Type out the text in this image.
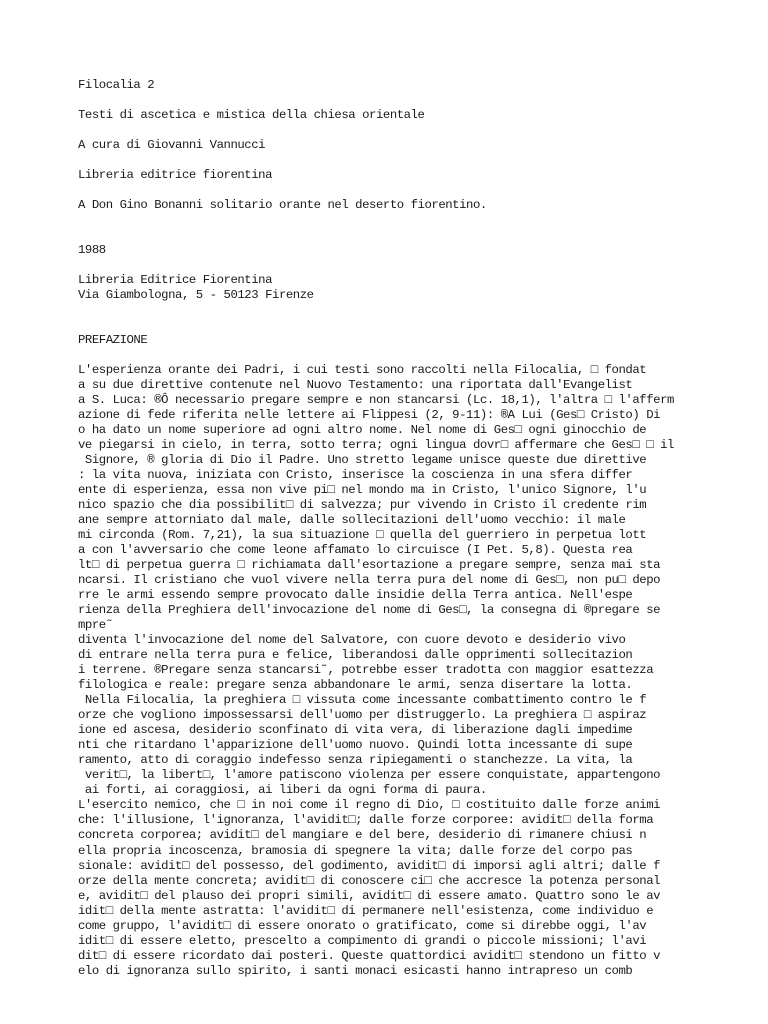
Filocalia 2
Testi di ascetica e mistica della chiesa orientale
A cura di Giovanni Vannucci
Libreria editrice fiorentina
A Don Gino Bonanni solitario orante nel deserto fiorentino.
1988
Libreria Editrice Fiorentina
Via Giambologna, 5 - 50123 Firenze
PREFAZIONE
L'esperienza orante dei Padri, i cui testi sono raccolti nella Filocalia, □ fondat
a su due direttive contenute nel Nuovo Testamento: una riportata dall'Evangelist
a S. Luca: ®Ô necessario pregare sempre e non stancarsi (Lc. 18,1), l'altra □ l'afferm
azione di fede riferita nelle lettere ai Flippesi (2, 9-11): ®A Lui (Ges□ Cristo) Di
o ha dato un nome superiore ad ogni altro nome. Nel nome di Ges□ ogni ginocchio de
ve piegarsi in cielo, in terra, sotto terra; ogni lingua dovr□ affermare che Ges□ □ il
Signore, ® gloria di Dio il Padre. Uno stretto legame unisce queste due direttive
: la vita nuova, iniziata con Cristo, inserisce la coscienza in una sfera differ
ente di esperienza, essa non vive pi□ nel mondo ma in Cristo, l'unico Signore, l'u
nico spazio che dia possibilit□ di salvezza; pur vivendo in Cristo il credente rim
ane sempre attorniato dal male, dalle sollecitazioni dell'uomo vecchio: il male
mi circonda (Rom. 7,21), la sua situazione □ quella del guerriero in perpetua lott
a con l'avversario che come leone affamato lo circuisce (I Pet. 5,8). Questa rea
lt□ di perpetua guerra □ richiamata dall'esortazione a pregare sempre, senza mai sta
ncarsi. Il cristiano che vuol vivere nella terra pura del nome di Ges□, non pu□ depo
rre le armi essendo sempre provocato dalle insidie della Terra antica. Nell'espe
rienza della Preghiera dell'invocazione del nome di Ges□, la consegna di ®pregare se
mpre˜
diventa l'invocazione del nome del Salvatore, con cuore devoto e desiderio vivo
di entrare nella terra pura e felice, liberandosi dalle opprimenti sollecitazion
i terrene. ®Pregare senza stancarsi˜, potrebbe esser tradotta con maggior esattezza
filologica e reale: pregare senza abbandonare le armi, senza disertare la lotta.
Nella Filocalia, la preghiera □ vissuta come incessante combattimento contro le f
orze che vogliono impossessarsi dell'uomo per distruggerlo. La preghiera □ aspiraz
ione ed ascesa, desiderio sconfinato di vita vera, di liberazione dagli impedime
nti che ritardano l'apparizione dell'uomo nuovo. Quindi lotta incessante di supe
ramento, atto di coraggio indefesso senza ripiegamenti o stanchezze. La vita, la
verit□, la libert□, l'amore patiscono violenza per essere conquistate, appartengono
ai forti, ai coraggiosi, ai liberi da ogni forma di paura.
L'esercito nemico, che □ in noi come il regno di Dio, □ costituito dalle forze animi
che: l'illusione, l'ignoranza, l'avidit□; dalle forze corporee: avidit□ della forma
concreta corporea; avidit□ del mangiare e del bere, desiderio di rimanere chiusi n
ella propria incoscenza, bramosia di spegnere la vita; dalle forze del corpo pas
sionale: avidit□ del possesso, del godimento, avidit□ di imporsi agli altri; dalle f
orze della mente concreta; avidit□ di conoscere ci□ che accresce la potenza personal
e, avidit□ del plauso dei propri simili, avidit□ di essere amato. Quattro sono le av
idit□ della mente astratta: l'avidit□ di permanere nell'esistenza, come individuo e
come gruppo, l'avidit□ di essere onorato o gratificato, come si direbbe oggi, l'av
idit□ di essere eletto, prescelto a compimento di grandi o piccole missioni; l'avi
dit□ di essere ricordato dai posteri. Queste quattordici avidit□ stendono un fitto v
elo di ignoranza sullo spirito, i santi monaci esicasti hanno intrapreso un comb
